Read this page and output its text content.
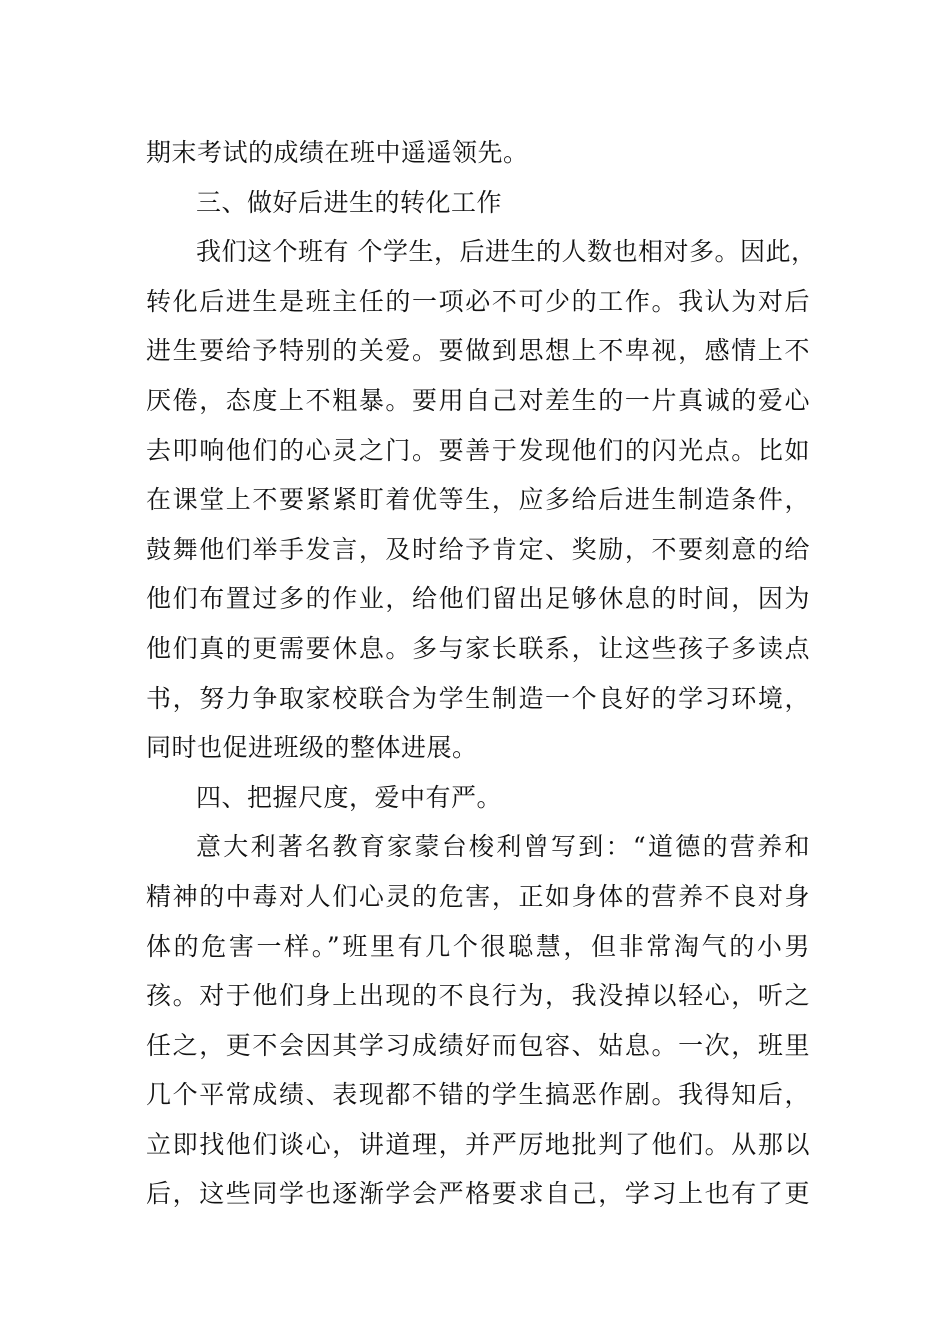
期末考试的成绩在班中遥遥领先。
三、做好后进生的转化工作
我们这个班有 个学生，后进生的人数也相对多。因此，
转化后进生是班主任的一项必不可少的工作。我认为对后
进生要给予特别的关爱。要做到思想上不卑视，感情上不
厌倦，态度上不粗暴。要用自己对差生的一片真诚的爱心
去叩响他们的心灵之门。要善于发现他们的闪光点。比如
在课堂上不要紧紧盯着优等生，应多给后进生制造条件，
鼓舞他们举手发言，及时给予肯定、奖励，不要刻意的给
他们布置过多的作业，给他们留出足够休息的时间，因为
他们真的更需要休息。多与家长联系，让这些孩子多读点
书，努力争取家校联合为学生制造一个良好的学习环境，
同时也促进班级的整体进展。
四、把握尺度，爱中有严。
意大利著名教育家蒙台梭利曾写到：“道德的营养和
精神的中毒对人们心灵的危害，正如身体的营养不良对身
体的危害一样。”班里有几个很聪慧，但非常淘气的小男
孩。对于他们身上出现的不良行为，我没掉以轻心，听之
任之，更不会因其学习成绩好而包容、姑息。一次，班里
几个平常成绩、表现都不错的学生搞恶作剧。我得知后，
立即找他们谈心，讲道理，并严厉地批判了他们。从那以
后，这些同学也逐渐学会严格要求自己，学习上也有了更
